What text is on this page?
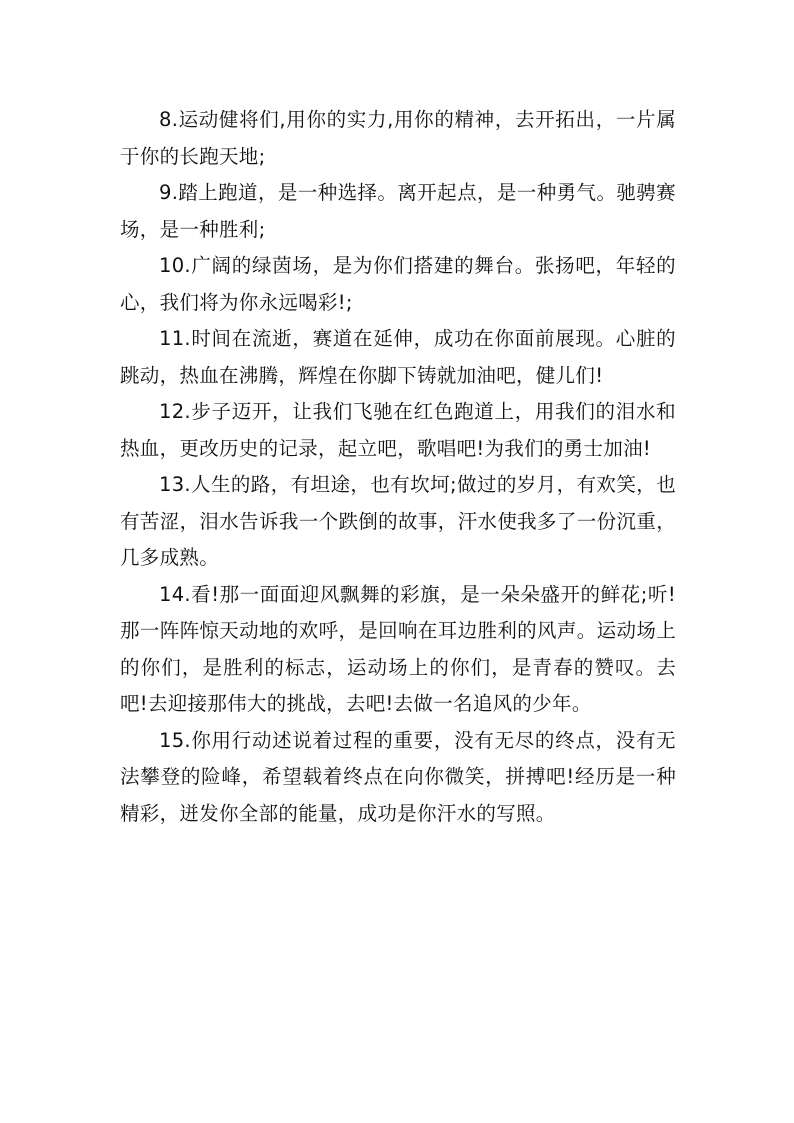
8.运动健将们,用你的实力,用你的精神，去开拓出，一片属于你的长跑天地;

9.踏上跑道，是一种选择。离开起点，是一种勇气。驰骋赛场，是一种胜利;

10.广阔的绿茵场，是为你们搭建的舞台。张扬吧，年轻的心，我们将为你永远喝彩!;

11.时间在流逝，赛道在延伸，成功在你面前展现。心脏的跳动，热血在沸腾，辉煌在你脚下铸就加油吧，健儿们!

12.步子迈开，让我们飞驰在红色跑道上，用我们的泪水和热血，更改历史的记录，起立吧，歌唱吧!为我们的勇士加油!

13.人生的路，有坦途，也有坎坷;做过的岁月，有欢笑，也有苦涩，泪水告诉我一个跌倒的故事，汗水使我多了一份沉重，几多成熟。

14.看!那一面面迎风飘舞的彩旗，是一朵朵盛开的鲜花;听!那一阵阵惊天动地的欢呼，是回响在耳边胜利的风声。运动场上的你们，是胜利的标志，运动场上的你们，是青春的赞叹。去吧!去迎接那伟大的挑战，去吧!去做一名追风的少年。

15.你用行动述说着过程的重要，没有无尽的终点，没有无法攀登的险峰，希望载着终点在向你微笑，拼搏吧!经历是一种精彩，迸发你全部的能量，成功是你汗水的写照。
